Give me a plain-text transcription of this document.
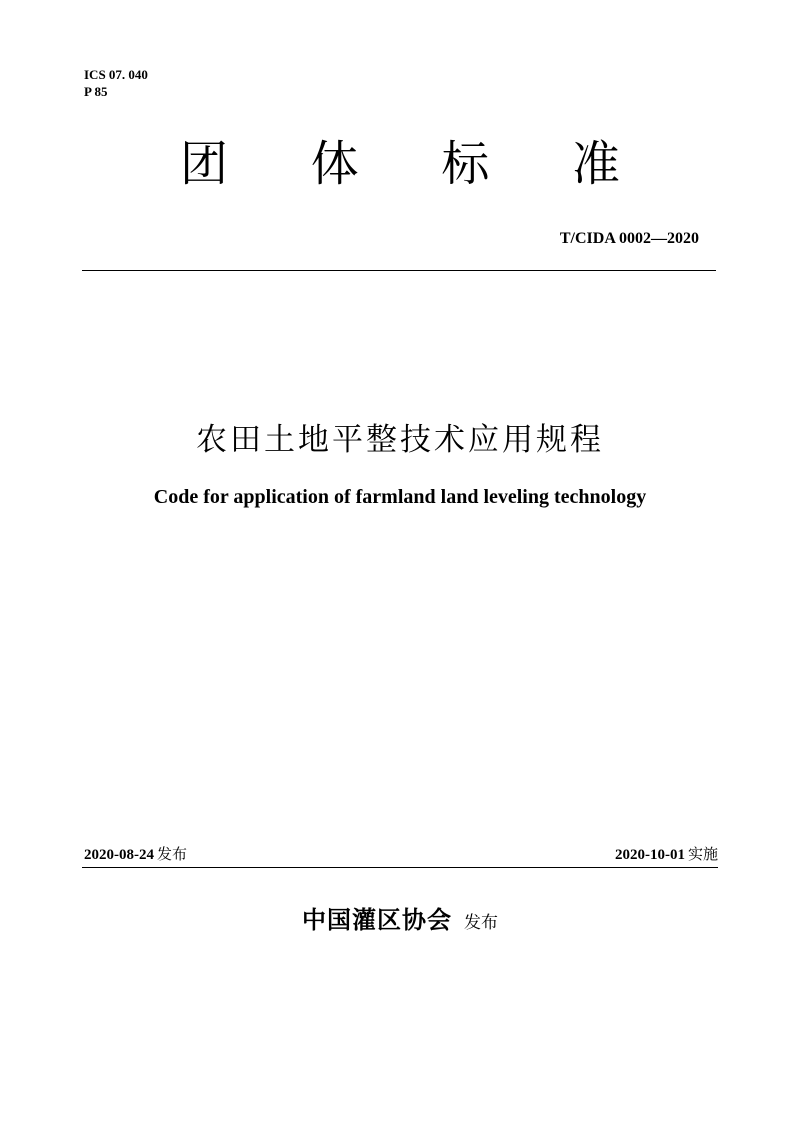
ICS 07. 040
P 85
团 体 标 准
T/CIDA 0002—2020
农田土地平整技术应用规程
Code for application of farmland land leveling technology
2020-08-24 发布	2020-10-01 实施
中国灌区协会 发布
